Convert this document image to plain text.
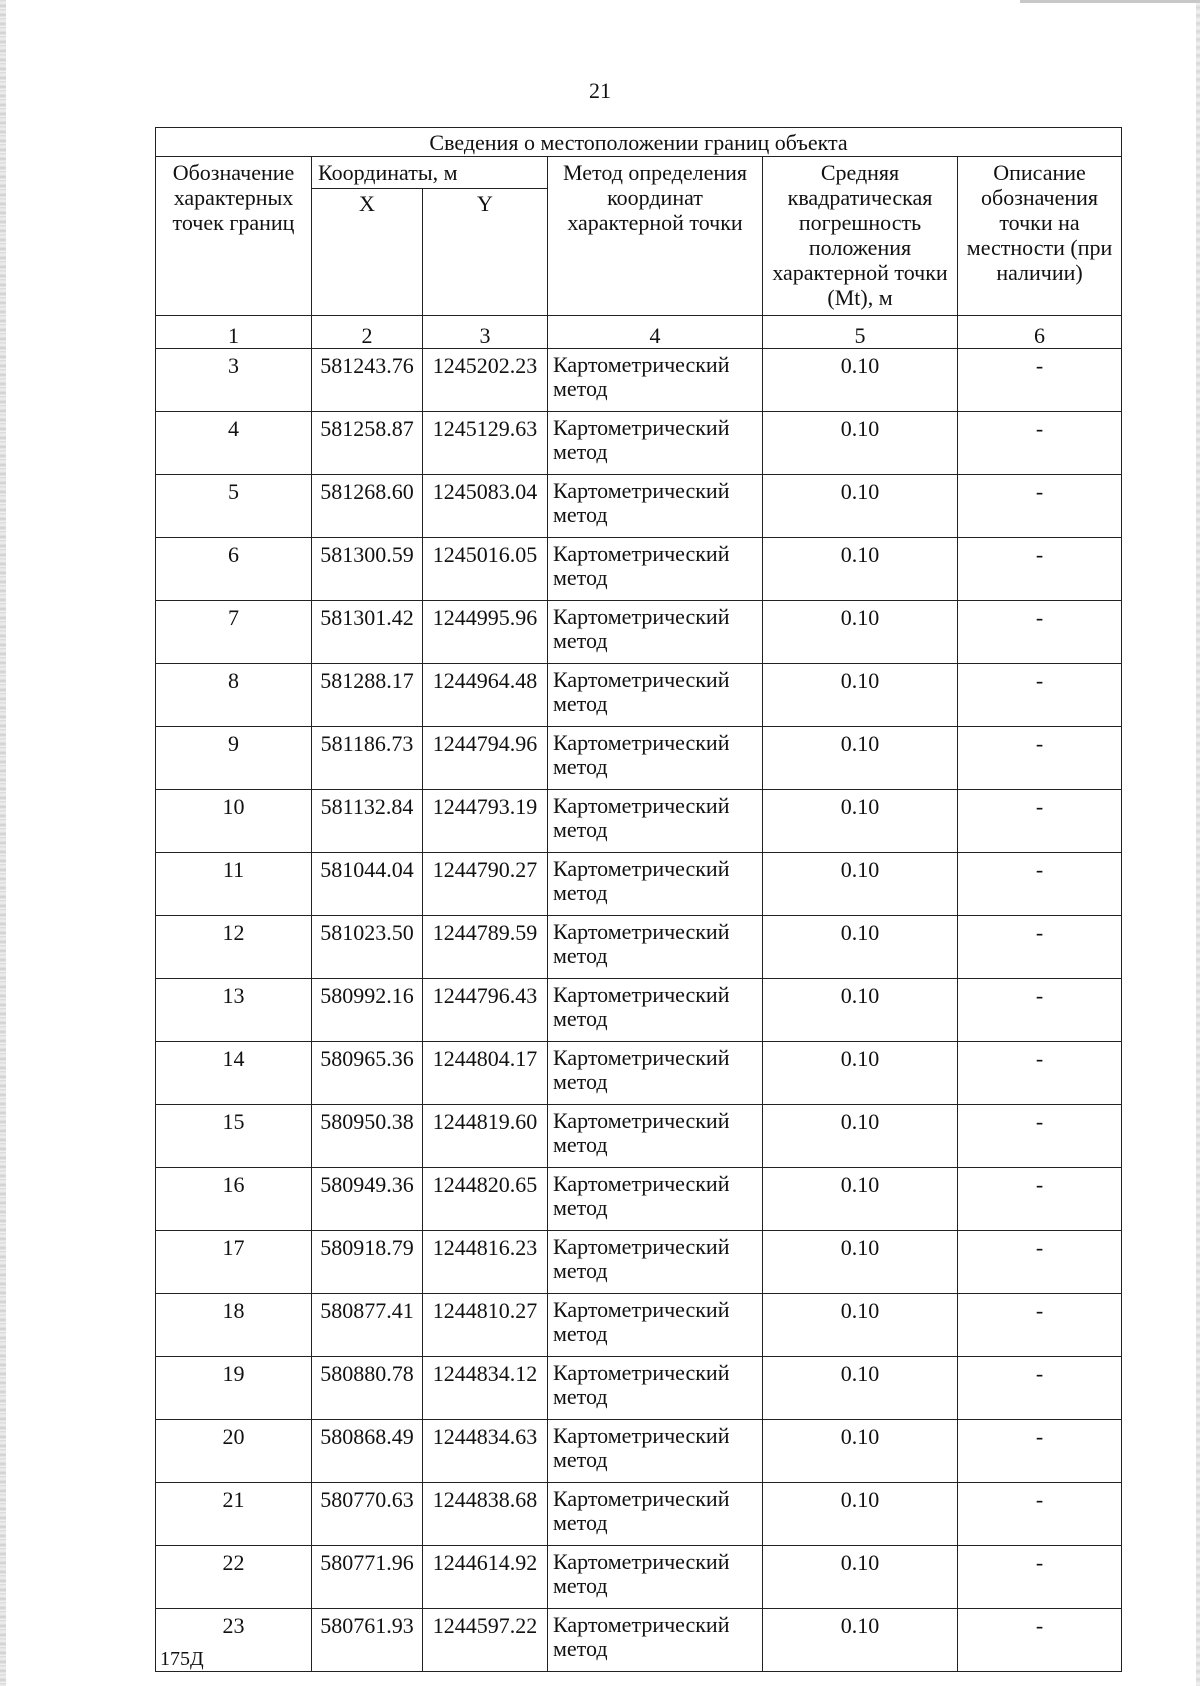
21
Сведения о местоположении границ объекта					
Обозначение характерных точек границ	Координаты, м		Метод определения координат характерной точки	Средняя квадратическая погрешность положения характерной точки (Mt), м	Описание обозначения точки на местности (при наличии)
	X	Y			
1	2	3	4	5	6
3	581243.76	1245202.23	Картометрический метод	0.10	-
4	581258.87	1245129.63	Картометрический метод	0.10	-
5	581268.60	1245083.04	Картометрический метод	0.10	-
6	581300.59	1245016.05	Картометрический метод	0.10	-
7	581301.42	1244995.96	Картометрический метод	0.10	-
8	581288.17	1244964.48	Картометрический метод	0.10	-
9	581186.73	1244794.96	Картометрический метод	0.10	-
10	581132.84	1244793.19	Картометрический метод	0.10	-
11	581044.04	1244790.27	Картометрический метод	0.10	-
12	581023.50	1244789.59	Картометрический метод	0.10	-
13	580992.16	1244796.43	Картометрический метод	0.10	-
14	580965.36	1244804.17	Картометрический метод	0.10	-
15	580950.38	1244819.60	Картометрический метод	0.10	-
16	580949.36	1244820.65	Картометрический метод	0.10	-
17	580918.79	1244816.23	Картометрический метод	0.10	-
18	580877.41	1244810.27	Картометрический метод	0.10	-
19	580880.78	1244834.12	Картометрический метод	0.10	-
20	580868.49	1244834.63	Картометрический метод	0.10	-
21	580770.63	1244838.68	Картометрический метод	0.10	-
22	580771.96	1244614.92	Картометрический метод	0.10	-
23	580761.93	1244597.22	Картометрический метод	0.10	-
175Д
